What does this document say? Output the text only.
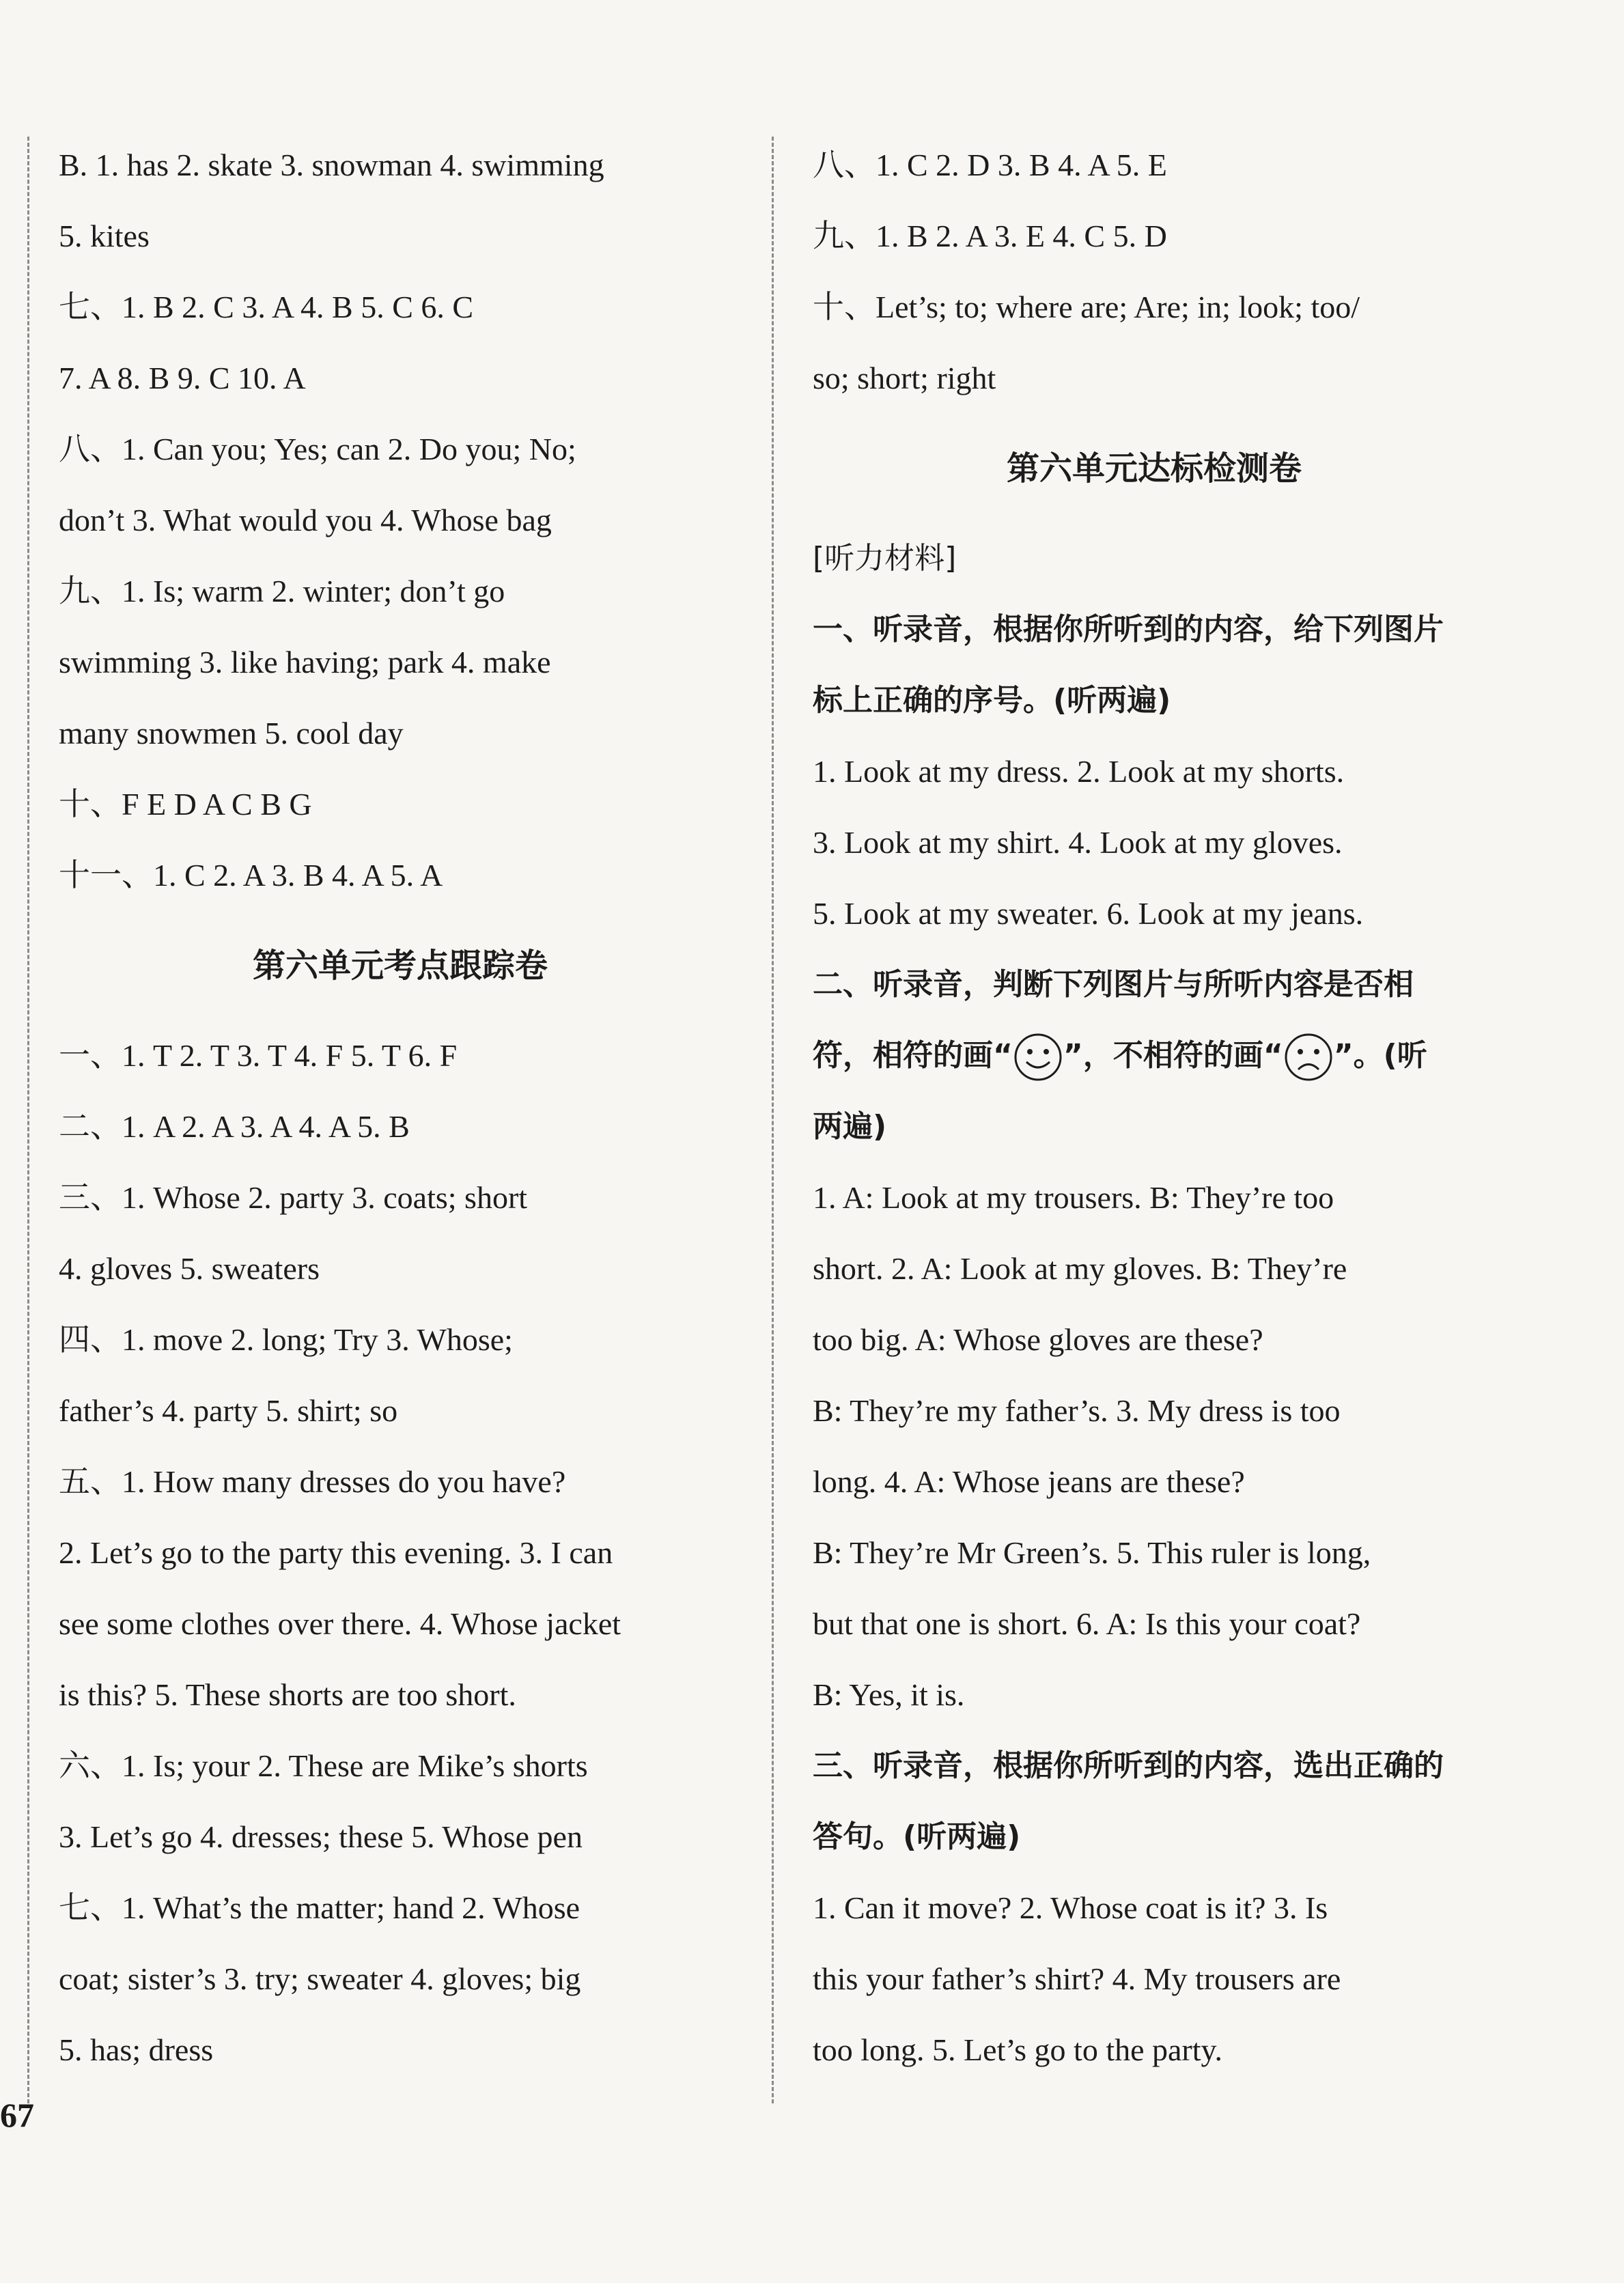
B. 1. has 2. skate 3. snowman 4. swimming
5. kites
七、1. B 2. C 3. A 4. B 5. C 6. C
7. A 8. B 9. C 10. A
八、1. Can you; Yes; can 2. Do you; No;
don’t 3. What would you 4. Whose bag
九、1. Is; warm 2. winter; don’t go
swimming 3. like having; park 4. make
many snowmen 5. cool day
十、F E D A C B G
十一、1. C 2. A 3. B 4. A 5. A
第六单元考点跟踪卷
一、1. T 2. T 3. T 4. F 5. T 6. F
二、1. A 2. A 3. A 4. A 5. B
三、1. Whose 2. party 3. coats; short
4. gloves 5. sweaters
四、1. move 2. long; Try 3. Whose;
father’s 4. party 5. shirt; so
五、1. How many dresses do you have?
2. Let’s go to the party this evening. 3. I can
see some clothes over there. 4. Whose jacket
is this? 5. These shorts are too short.
六、1. Is; your 2. These are Mike’s shorts
3. Let’s go 4. dresses; these 5. Whose pen
七、1. What’s the matter; hand 2. Whose
coat; sister’s 3. try; sweater 4. gloves; big
5. has; dress
八、1. C 2. D 3. B 4. A 5. E
九、1. B 2. A 3. E 4. C 5. D
十、Let’s; to; where are; Are; in; look; too/
so; short; right
第六单元达标检测卷
[听力材料]
一、听录音，根据你所听到的内容，给下列图片
标上正确的序号。(听两遍)
1. Look at my dress. 2. Look at my shorts.
3. Look at my shirt. 4. Look at my gloves.
5. Look at my sweater. 6. Look at my jeans.
二、听录音，判断下列图片与所听内容是否相
符，相符的画“ ”，不相符的画“ ”。(听
两遍)
1. A: Look at my trousers. B: They’re too
short. 2. A: Look at my gloves. B: They’re
too big. A: Whose gloves are these?
B: They’re my father’s. 3. My dress is too
long. 4. A: Whose jeans are these?
B: They’re Mr Green’s. 5. This ruler is long,
but that one is short. 6. A: Is this your coat?
B: Yes, it is.
三、听录音，根据你所听到的内容，选出正确的
答句。(听两遍)
1. Can it move? 2. Whose coat is it? 3. Is
this your father’s shirt? 4. My trousers are
too long. 5. Let’s go to the party.
67
